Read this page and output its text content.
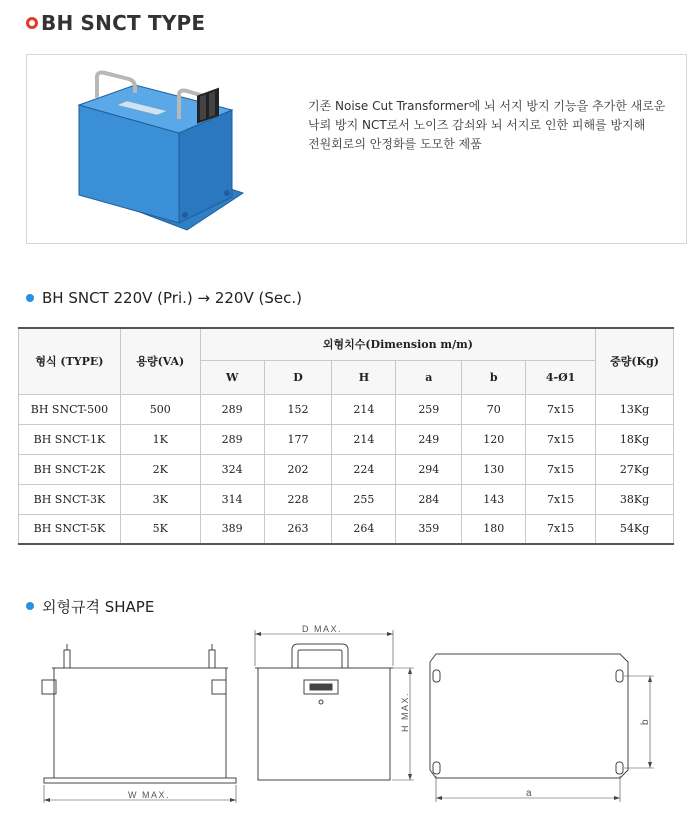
BH SNCT TYPE
기존 Noise Cut Transformer에 뇌 서지 방지 기능을 추가한 새로운
낙뢰 방지 NCT로서 노이즈 감쇠와 뇌 서지로 인한 피해를 방지해
전원회로의 안정화를 도모한 제품
BH SNCT 220V (Pri.) → 220V (Sec.)
형식 (TYPE)	용량(VA)	외형치수(Dimension m/m)						중량(Kg)
		W	D	H	a	b	4-Ø1	
BH SNCT-500	500	289	152	214	259	70	7x15	13Kg
BH SNCT-1K	1K	289	177	214	249	120	7x15	18Kg
BH SNCT-2K	2K	324	202	224	294	130	7x15	27Kg
BH SNCT-3K	3K	314	228	255	284	143	7x15	38Kg
BH SNCT-5K	5K	389	263	264	359	180	7x15	54Kg
외형규격 SHAPE
W MAX.
D MAX.
H MAX.
a
b
